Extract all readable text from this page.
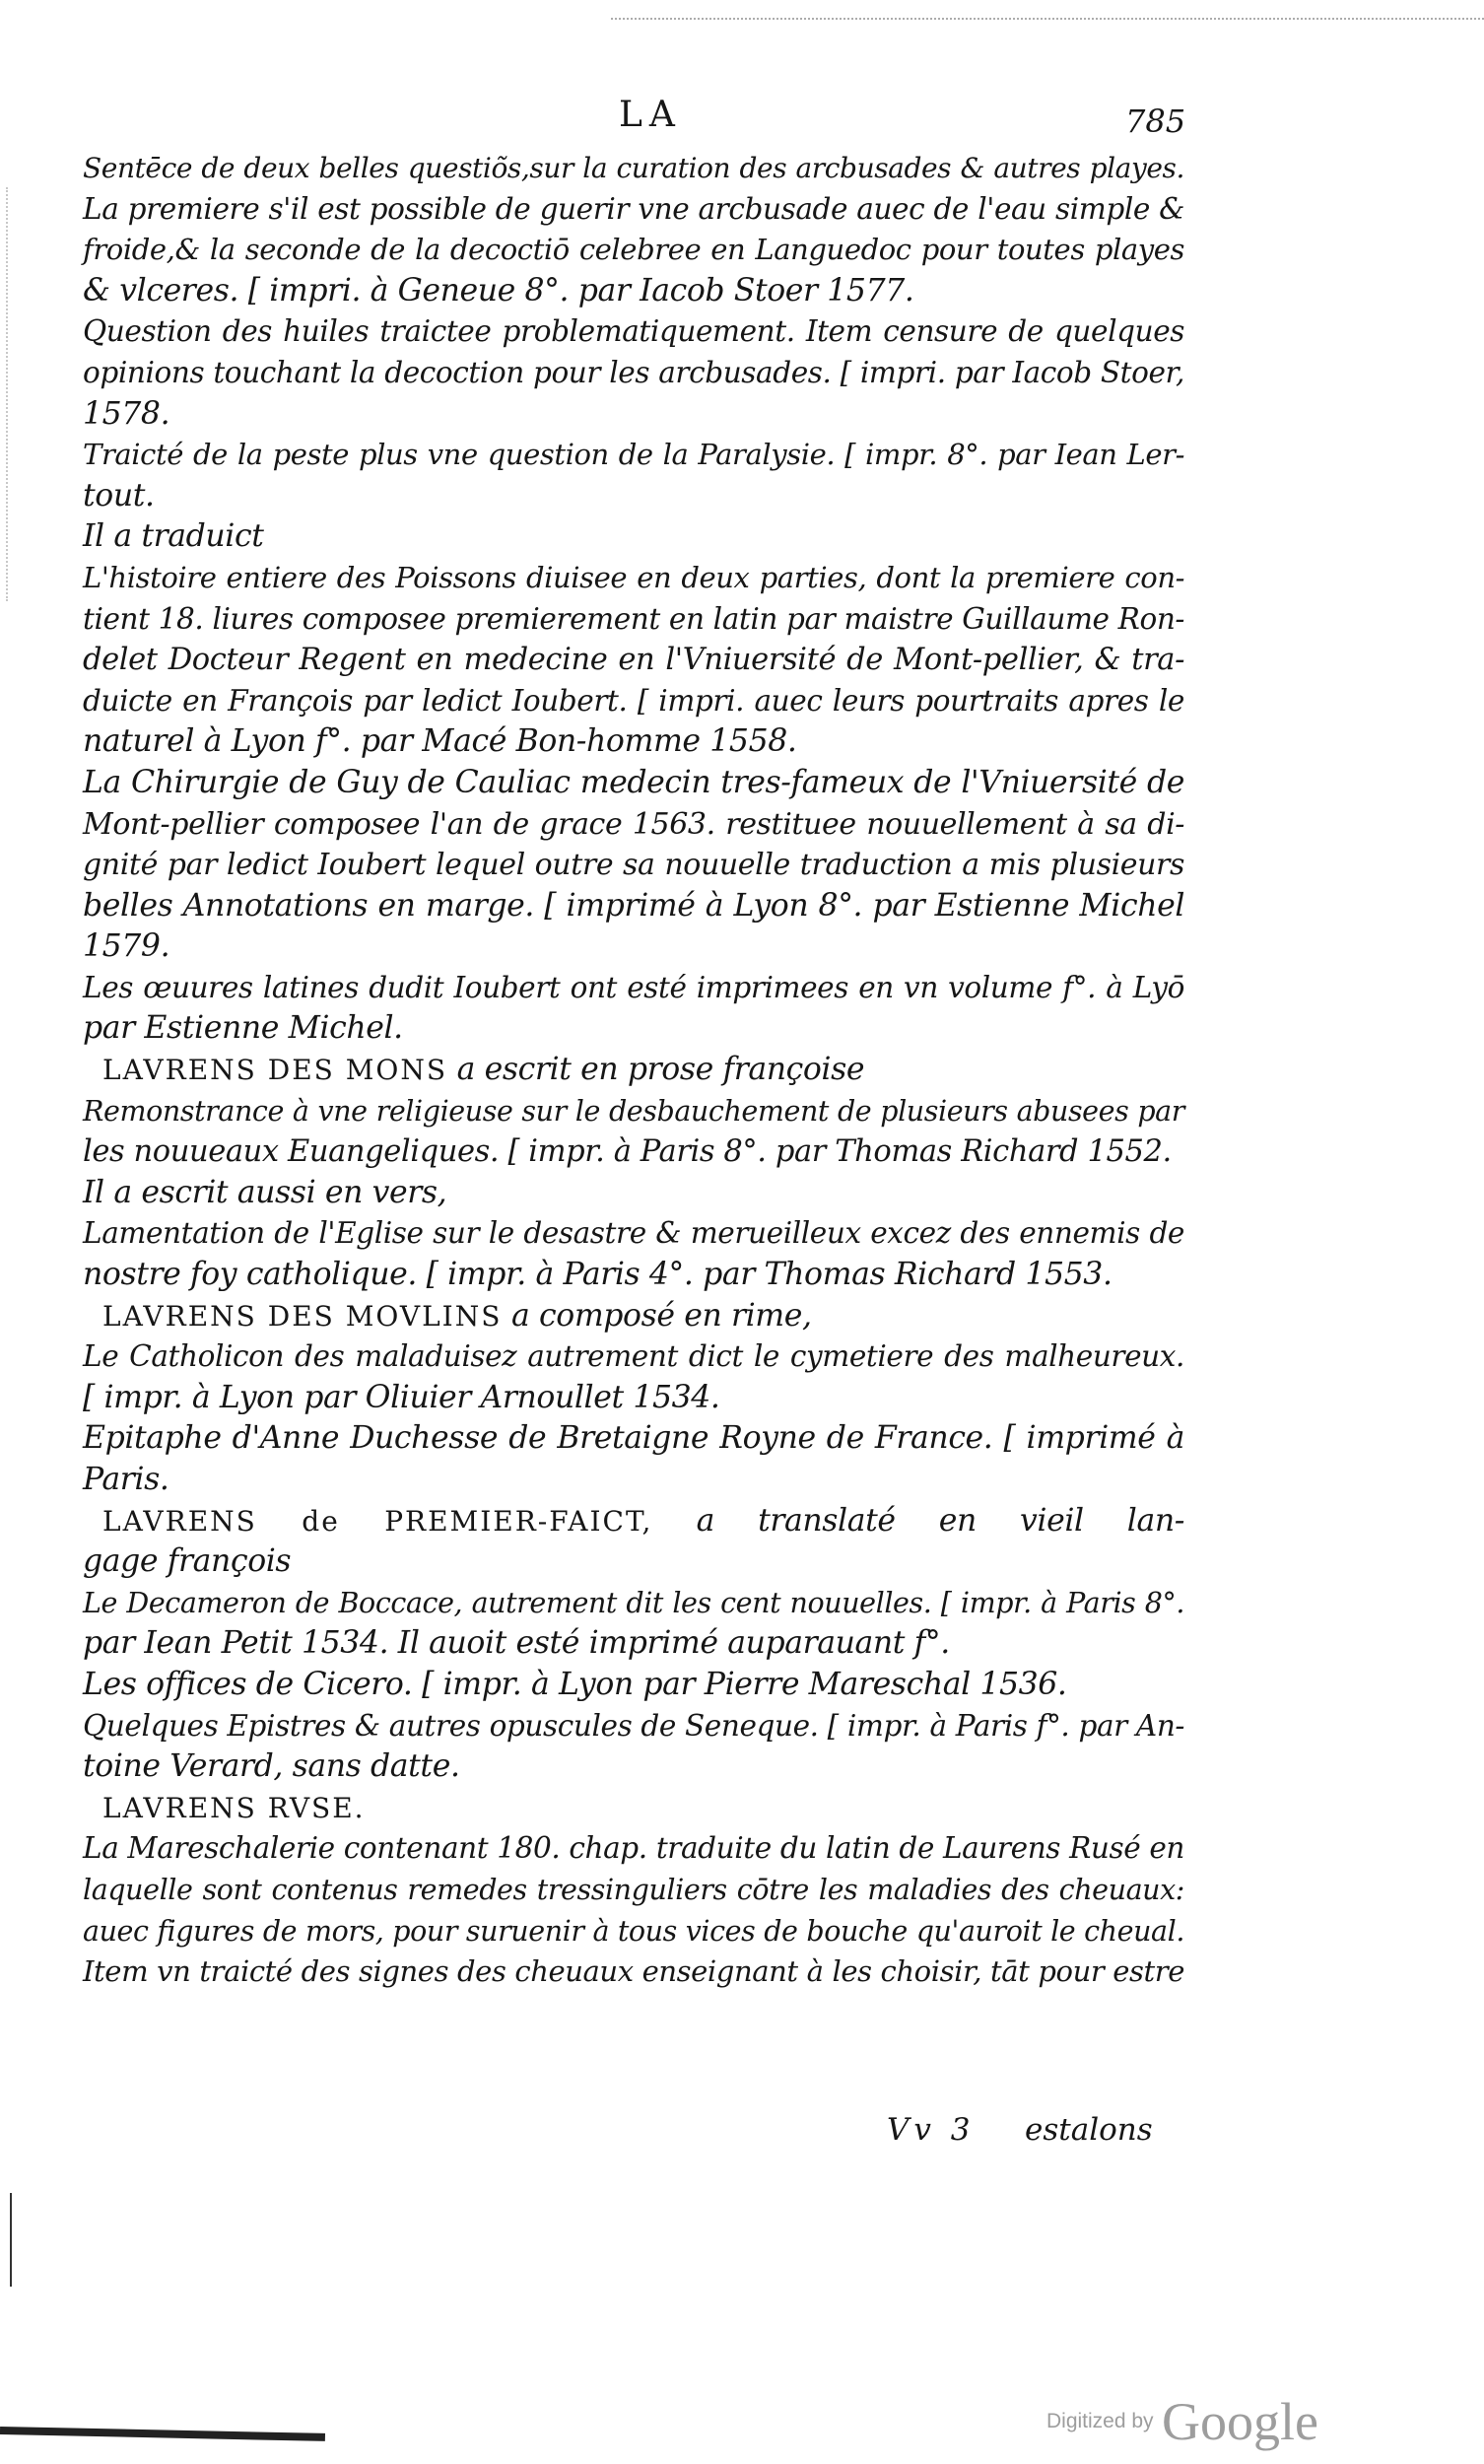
LA	785
Sentēce de deux belles questiõs,sur la curation des arcbusades & autres playes.
La premiere s'il est possible de guerir vne arcbusade auec de l'eau simple &
froide,& la seconde de la decoctiō celebree en Languedoc pour toutes playes
& vlceres. [ impri. à Geneue 8°. par Iacob Stoer 1577.
Question des huiles traictee problematiquement. Item censure de quelques
opinions touchant la decoction pour les arcbusades. [ impri. par Iacob Stoer,
1578.
Traicté de la peste plus vne question de la Paralysie. [ impr. 8°. par Iean Ler-
tout.
Il a traduict
L'histoire entiere des Poissons diuisee en deux parties, dont la premiere con-
tient 18. liures composee premierement en latin par maistre Guillaume Ron-
delet Docteur Regent en medecine en l'Vniuersité de Mont-pellier, & tra-
duicte en François par ledict Ioubert. [ impri. auec leurs pourtraits apres le
naturel à Lyon f°. par Macé Bon-homme 1558.
La Chirurgie de Guy de Cauliac medecin tres-fameux de l'Vniuersité de
Mont-pellier composee l'an de grace 1563. restituee nouuellement à sa di-
gnité par ledict Ioubert lequel outre sa nouuelle traduction a mis plusieurs
belles Annotations en marge. [ imprimé à Lyon 8°. par Estienne Michel
1579.
Les œuures latines dudit Ioubert ont esté imprimees en vn volume f°. à Lyō
par Estienne Michel.
LAVRENS DES MONS a escrit en prose françoise
Remonstrance à vne religieuse sur le desbauchement de plusieurs abusees par
les nouueaux Euangeliques. [ impr. à Paris 8°. par Thomas Richard 1552.
Il a escrit aussi en vers,
Lamentation de l'Eglise sur le desastre & merueilleux excez des ennemis de
nostre foy catholique. [ impr. à Paris 4°. par Thomas Richard 1553.
LAVRENS DES MOVLINS a composé en rime,
Le Catholicon des maladuisez autrement dict le cymetiere des malheureux.
[ impr. à Lyon par Oliuier Arnoullet 1534.
Epitaphe d'Anne Duchesse de Bretaigne Royne de France. [ imprimé à
Paris.
LAVRENS de PREMIER-FAICT, a translaté en vieil lan-
gage françois
Le Decameron de Boccace, autrement dit les cent nouuelles. [ impr. à Paris 8°.
par Iean Petit 1534. Il auoit esté imprimé auparauant f°.
Les offices de Cicero. [ impr. à Lyon par Pierre Mareschal 1536.
Quelques Epistres & autres opuscules de Seneque. [ impr. à Paris f°. par An-
toine Verard, sans datte.
LAVRENS RVSE.
La Mareschalerie contenant 180. chap. traduite du latin de Laurens Rusé en
laquelle sont contenus remedes tressinguliers cōtre les maladies des cheuaux:
auec figures de mors, pour suruenir à tous vices de bouche qu'auroit le cheual.
Item vn traicté des signes des cheuaux enseignant à les choisir, tāt pour estre
Vv 3 estalons
Digitized by Google
